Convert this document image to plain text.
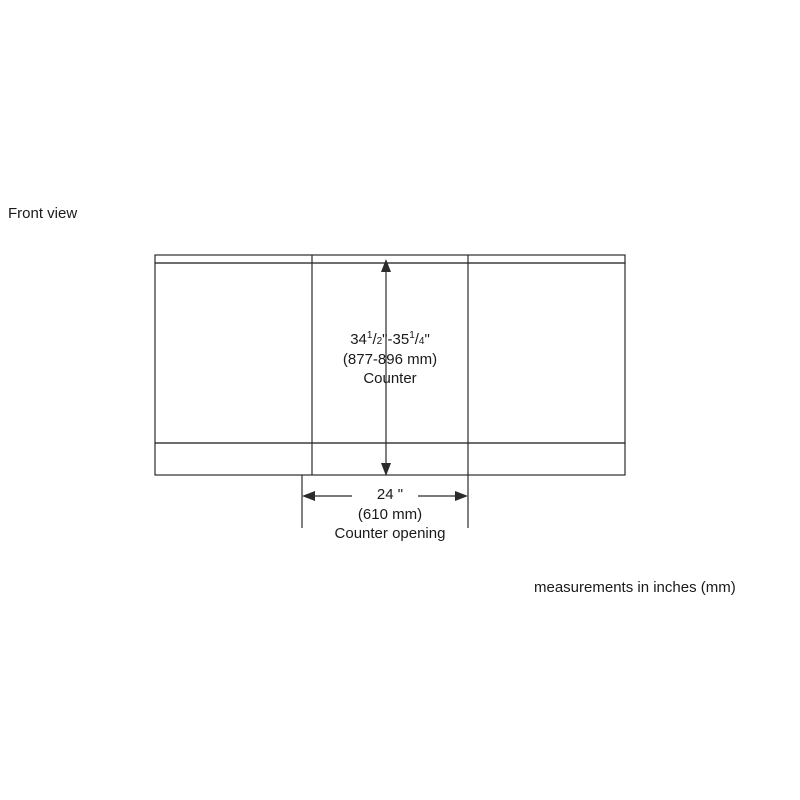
Front view
$34^1/2"-35^1/4$"
(877-896 mm)
Counter
24 "
(610 mm)
Counter opening
measurements in inches (mm)
